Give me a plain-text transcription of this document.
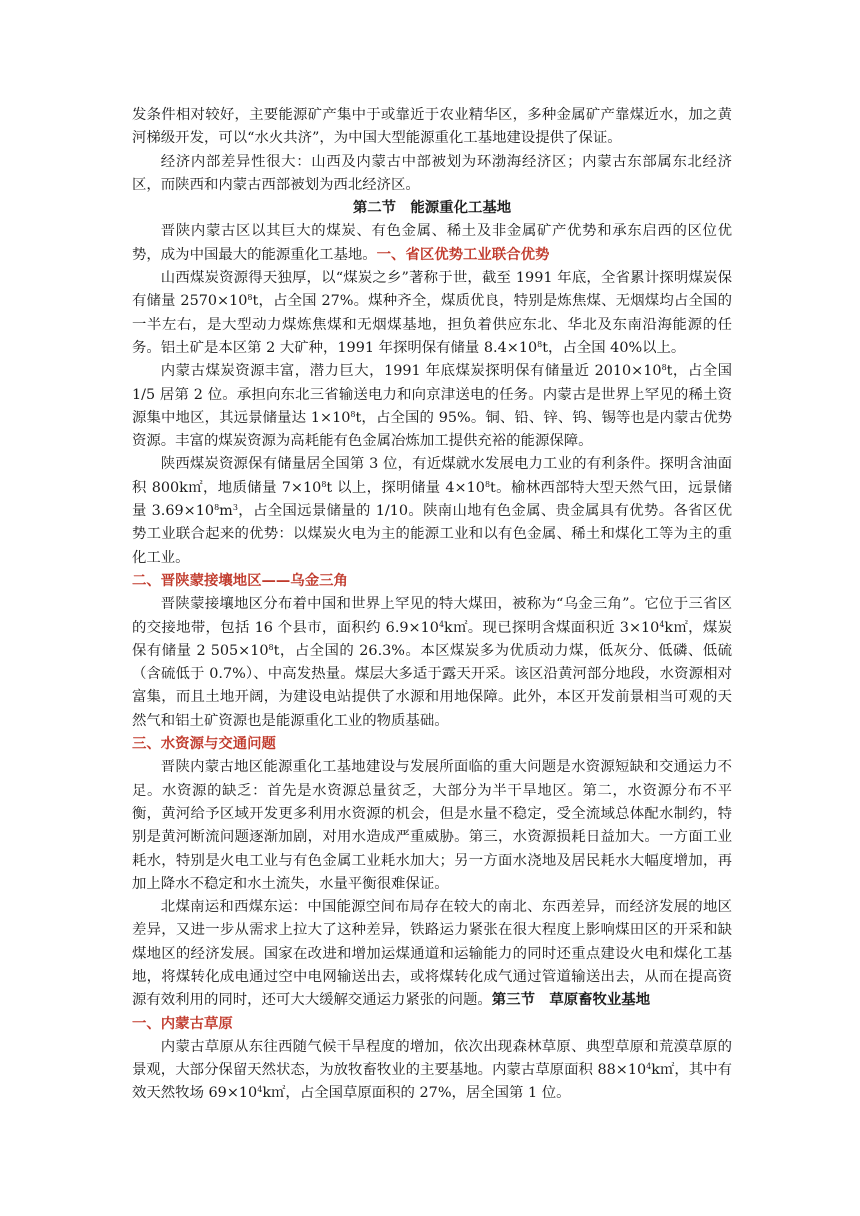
发条件相对较好，主要能源矿产集中于或靠近于农业精华区，多种金属矿产靠煤近水，加之黄河梯级开发，可以“水火共济”，为中国大型能源重化工基地建设提供了保证。

经济内部差异性很大：山西及内蒙古中部被划为环渤海经济区；内蒙古东部属东北经济区，而陕西和内蒙古西部被划为西北经济区。

第二节　能源重化工基地

晋陕内蒙古区以其巨大的煤炭、有色金属、稀土及非金属矿产优势和承东启西的区位优势，成为中国最大的能源重化工基地。一、省区优势工业联合优势

山西煤炭资源得天独厚，以“煤炭之乡”著称于世，截至 1991 年底，全省累计探明煤炭保有储量 $2570\times 10^8t$，占全国 27%。煤种齐全，煤质优良，特别是炼焦煤、无烟煤均占全国的一半左右，是大型动力煤炼焦煤和无烟煤基地，担负着供应东北、华北及东南沿海能源的任务。铝土矿是本区第 2 大矿种，1991 年探明保有储量 $8.4\times 10^8t$，占全国 40%以上。

内蒙古煤炭资源丰富，潜力巨大，1991 年底煤炭探明保有储量近 $2010\times 10^8t$，占全国 1/5 居第 2 位。承担向东北三省输送电力和向京津送电的任务。内蒙古是世界上罕见的稀土资源集中地区，其远景储量达 $1\times 10^8t$，占全国的 95%。铜、铅、锌、钨、锡等也是内蒙古优势资源。丰富的煤炭资源为高耗能有色金属冶炼加工提供充裕的能源保障。

陕西煤炭资源保有储量居全国第 3 位，有近煤就水发展电力工业的有利条件。探明含油面积 800k㎡，地质储量 $7\times 10^8t$ 以上，探明储量 $4\times 10^8t$。榆林西部特大型天然气田，远景储量 $3.69\times 10^8m^3$，占全国远景储量的 1/10。陕南山地有色金属、贵金属具有优势。各省区优势工业联合起来的优势：以煤炭火电为主的能源工业和以有色金属、稀土和煤化工等为主的重化工业。

二、晋陕蒙接壤地区——乌金三角

晋陕蒙接壤地区分布着中国和世界上罕见的特大煤田，被称为“乌金三角”。它位于三省区的交接地带，包括 16 个县市，面积约 $6.9\times 10^4k㎡$。现已探明含煤面积近 $3\times 10^4k㎡$，煤炭保有储量 2 $505\times 10^8t$，占全国的 26.3%。本区煤炭多为优质动力煤，低灰分、低磷、低硫（含硫低于 0.7%）、中高发热量。煤层大多适于露天开采。该区沿黄河部分地段，水资源相对富集，而且土地开阔，为建设电站提供了水源和用地保障。此外，本区开发前景相当可观的天然气和铝土矿资源也是能源重化工业的物质基础。

三、水资源与交通问题

晋陕内蒙古地区能源重化工基地建设与发展所面临的重大问题是水资源短缺和交通运力不足。水资源的缺乏：首先是水资源总量贫乏，大部分为半干旱地区。第二，水资源分布不平衡，黄河给予区域开发更多利用水资源的机会，但是水量不稳定，受全流域总体配水制约，特别是黄河断流问题逐渐加剧，对用水造成严重威胁。第三，水资源损耗日益加大。一方面工业耗水，特别是火电工业与有色金属工业耗水加大；另一方面水浇地及居民耗水大幅度增加，再加上降水不稳定和水土流失，水量平衡很难保证。

北煤南运和西煤东运：中国能源空间布局存在较大的南北、东西差异，而经济发展的地区差异，又进一步从需求上拉大了这种差异，铁路运力紧张在很大程度上影响煤田区的开采和缺煤地区的经济发展。国家在改进和增加运煤通道和运输能力的同时还重点建设火电和煤化工基地，将煤转化成电通过空中电网输送出去，或将煤转化成气通过管道输送出去，从而在提高资源有效利用的同时，还可大大缓解交通运力紧张的问题。第三节　草原畜牧业基地

一、内蒙古草原

内蒙古草原从东往西随气候干旱程度的增加，依次出现森林草原、典型草原和荒漠草原的景观，大部分保留天然状态，为放牧畜牧业的主要基地。内蒙古草原面积 $88\times 10^4k㎡$，其中有效天然牧场 $69\times 10^4k㎡$，占全国草原面积的 27%，居全国第 1 位。
